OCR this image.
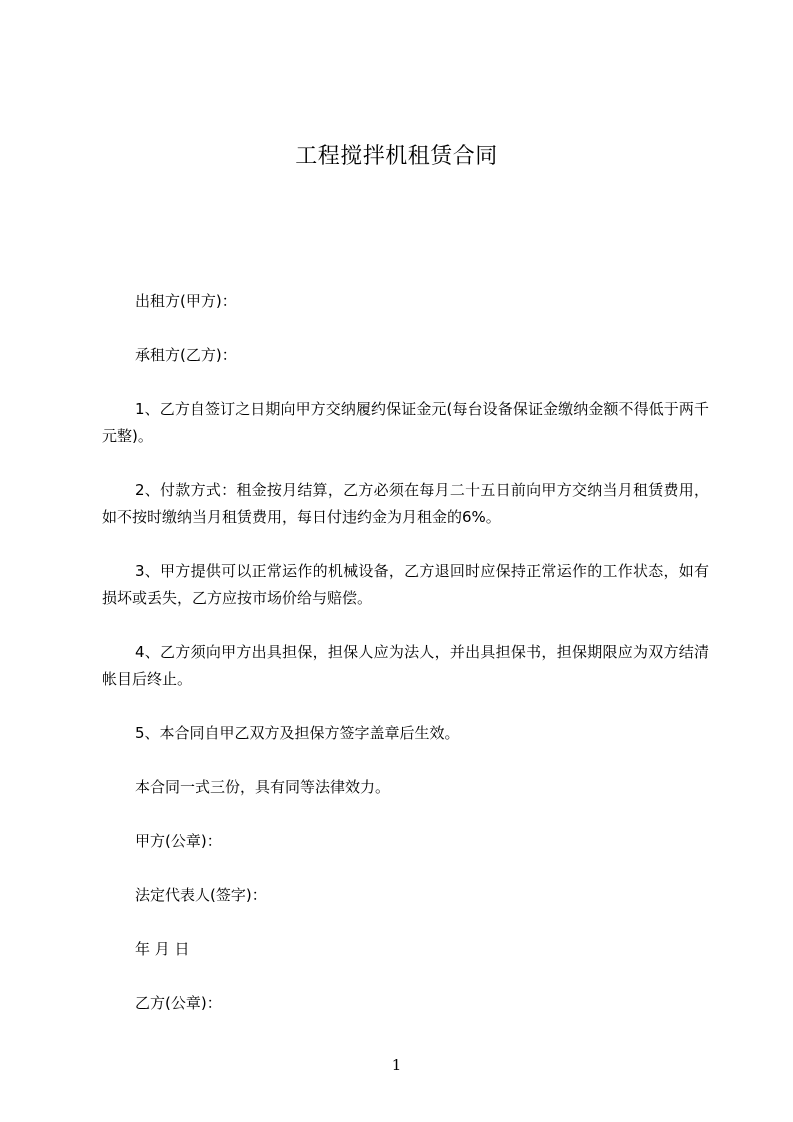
工程搅拌机租赁合同

出租方(甲方)：

承租方(乙方)：

1、乙方自签订之日期向甲方交纳履约保证金元(每台设备保证金缴纳金额不得低于两千元整)。

2、付款方式：租金按月结算，乙方必须在每月二十五日前向甲方交纳当月租赁费用，如不按时缴纳当月租赁费用，每日付违约金为月租金的6%。

3、甲方提供可以正常运作的机械设备，乙方退回时应保持正常运作的工作状态，如有损坏或丢失，乙方应按市场价给与赔偿。

4、乙方须向甲方出具担保，担保人应为法人，并出具担保书，担保期限应为双方结清帐目后终止。

5、本合同自甲乙双方及担保方签字盖章后生效。

本合同一式三份，具有同等法律效力。

甲方(公章)：

法定代表人(签字)：

年 月 日

乙方(公章)：

1
